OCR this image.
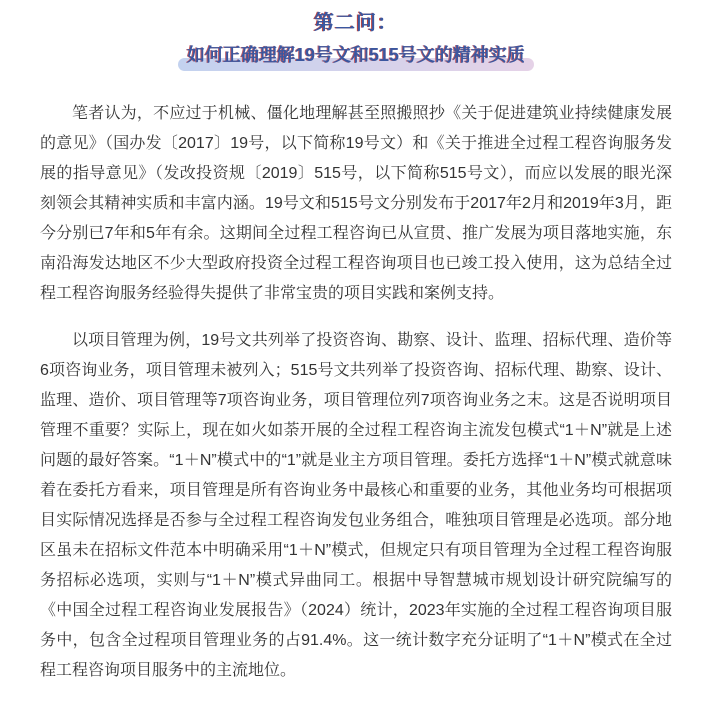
第二问：
如何正确理解19号文和515号文的精神实质

笔者认为，不应过于机械、僵化地理解甚至照搬照抄《关于促进建筑业持续健康发展的意见》（国办发〔2017〕19号，以下简称19号文）和《关于推进全过程工程咨询服务发展的指导意见》（发改投资规〔2019〕515号，以下简称515号文），而应以发展的眼光深刻领会其精神实质和丰富内涵。19号文和515号文分别发布于2017年2月和2019年3月，距今分别已7年和5年有余。这期间全过程工程咨询已从宣贯、推广发展为项目落地实施，东南沿海发达地区不少大型政府投资全过程工程咨询项目也已竣工投入使用，这为总结全过程工程咨询服务经验得失提供了非常宝贵的项目实践和案例支持。

以项目管理为例，19号文共列举了投资咨询、勘察、设计、监理、招标代理、造价等6项咨询业务，项目管理未被列入；515号文共列举了投资咨询、招标代理、勘察、设计、监理、造价、项目管理等7项咨询业务，项目管理位列7项咨询业务之末。这是否说明项目管理不重要？实际上，现在如火如荼开展的全过程工程咨询主流发包模式“1＋N”就是上述问题的最好答案。“1＋N”模式中的“1”就是业主方项目管理。委托方选择“1＋N”模式就意味着在委托方看来，项目管理是所有咨询业务中最核心和重要的业务，其他业务均可根据项目实际情况选择是否参与全过程工程咨询发包业务组合，唯独项目管理是必选项。部分地区虽未在招标文件范本中明确采用“1＋N”模式，但规定只有项目管理为全过程工程咨询服务招标必选项，实则与“1＋N”模式异曲同工。根据中导智慧城市规划设计研究院编写的《中国全过程工程咨询业发展报告》（2024）统计，2023年实施的全过程工程咨询项目服务中，包含全过程项目管理业务的占91.4%。这一统计数字充分证明了“1＋N”模式在全过程工程咨询项目服务中的主流地位。
